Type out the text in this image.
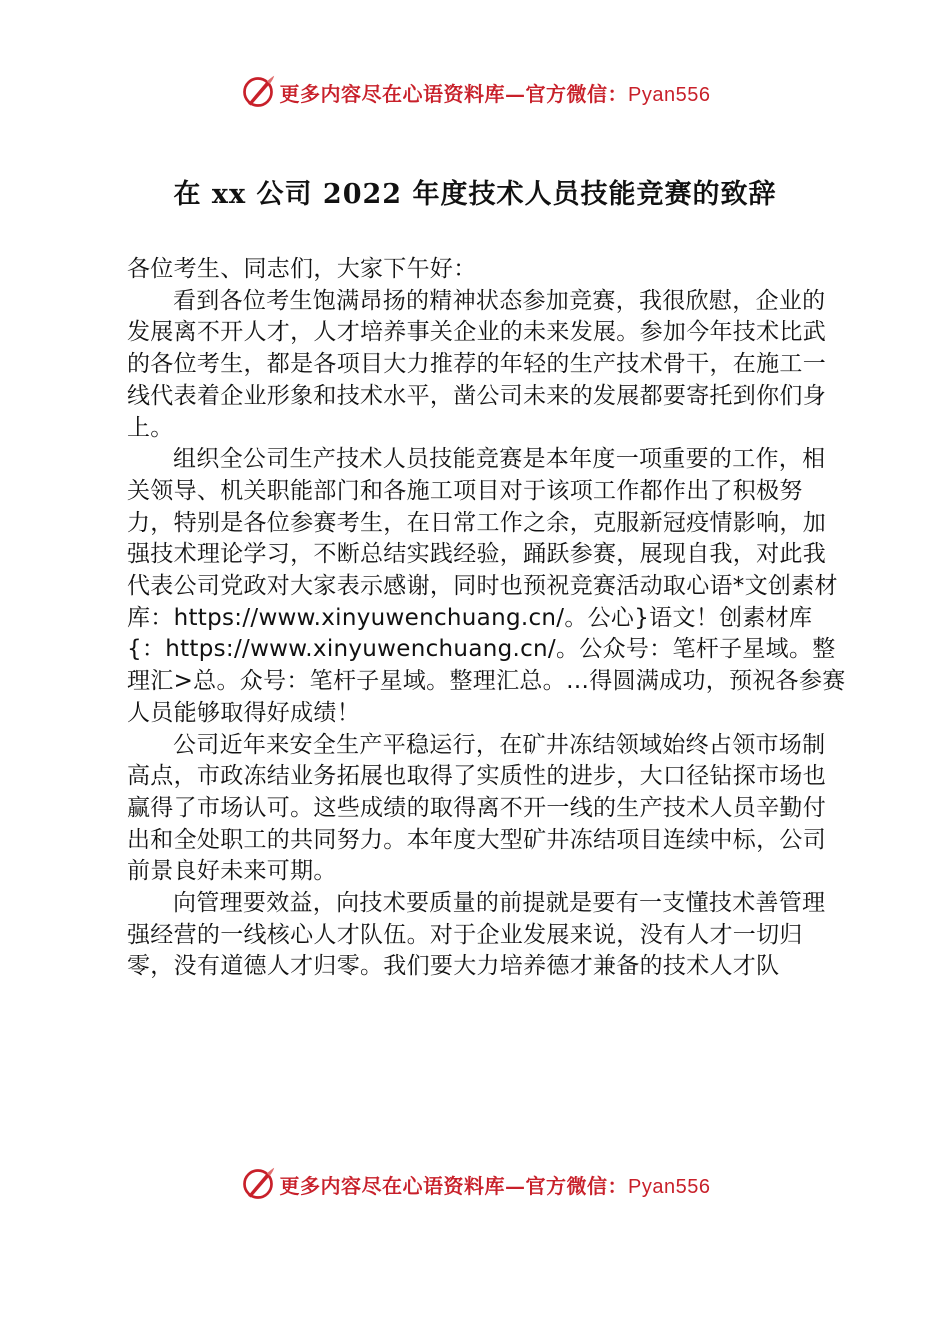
更多内容尽在心语资料库—官方微信：Pyan556
在 xx 公司 2022 年度技术人员技能竞赛的致辞

各位考生、同志们，大家下午好：

看到各位考生饱满昂扬的精神状态参加竞赛，我很欣慰，企业的发展离不开人才，人才培养事关企业的未来发展。参加今年技术比武的各位考生，都是各项目大力推荐的年轻的生产技术骨干，在施工一线代表着企业形象和技术水平，凿公司未来的发展都要寄托到你们身上。

组织全公司生产技术人员技能竞赛是本年度一项重要的工作，相关领导、机关职能部门和各施工项目对于该项工作都作出了积极努力，特别是各位参赛考生，在日常工作之余，克服新冠疫情影响，加强技术理论学习，不断总结实践经验，踊跃参赛，展现自我，对此我代表公司党政对大家表示感谢，同时也预祝竞赛活动取心语*文创素材库：https://www.xinyuwenchuang.cn/。公心}语文！创素材库{：https://www.xinyuwenchuang.cn/。公众号：笔杆子星域。整理汇>总。众号：笔杆子星域。整理汇总。…得圆满成功，预祝各参赛人员能够取得好成绩！

公司近年来安全生产平稳运行，在矿井冻结领域始终占领市场制高点，市政冻结业务拓展也取得了实质性的进步，大口径钻探市场也赢得了市场认可。这些成绩的取得离不开一线的生产技术人员辛勤付出和全处职工的共同努力。本年度大型矿井冻结项目连续中标，公司前景良好未来可期。

向管理要效益，向技术要质量的前提就是要有一支懂技术善管理强经营的一线核心人才队伍。对于企业发展来说，没有人才一切归零，没有道德人才归零。我们要大力培养德才兼备的技术人才队

更多内容尽在心语资料库—官方微信：Pyan556
